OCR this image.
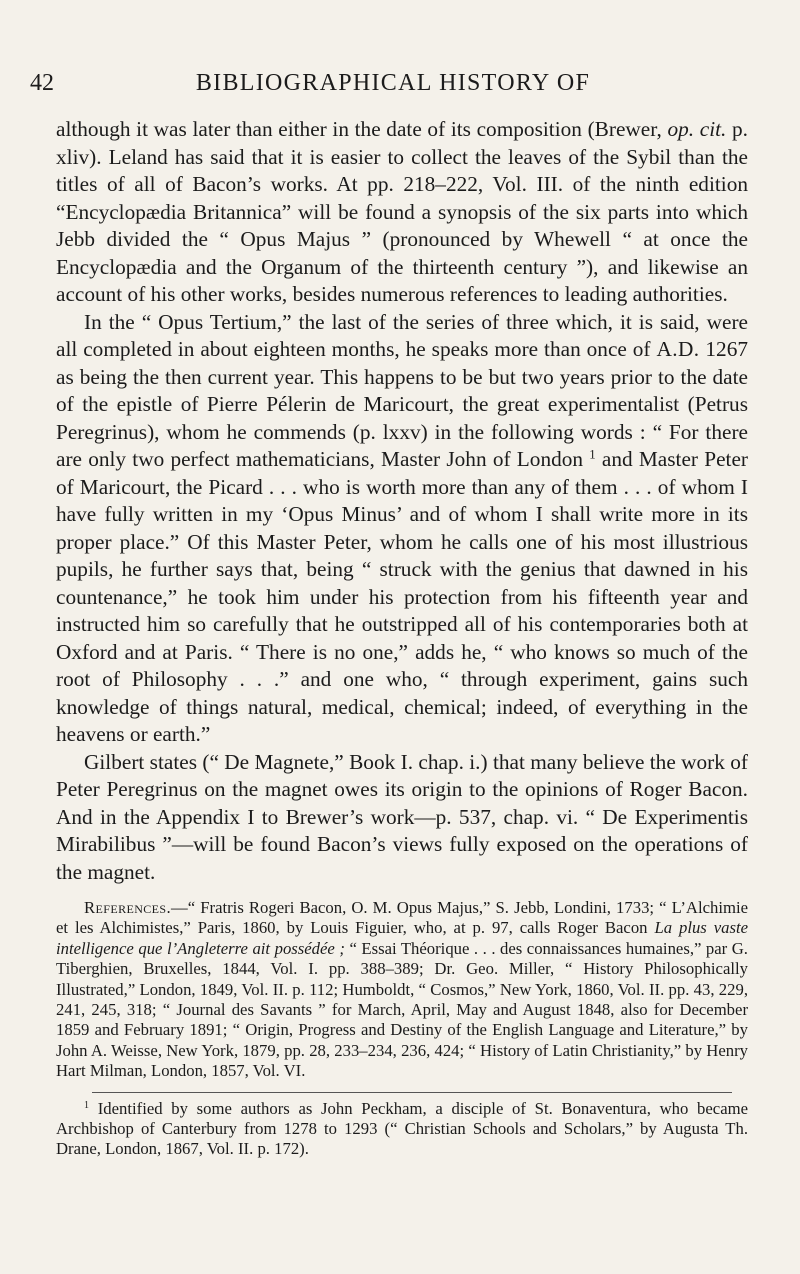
42	BIBLIOGRAPHICAL HISTORY OF

although it was later than either in the date of its composition (Brewer, op. cit. p. xliv). Leland has said that it is easier to collect the leaves of the Sybil than the titles of all of Bacon’s works. At pp. 218–222, Vol. III. of the ninth edition “Encyclopædia Britannica” will be found a synopsis of the six parts into which Jebb divided the “ Opus Majus ” (pronounced by Whewell “ at once the Encyclopædia and the Organum of the thirteenth century ”), and likewise an account of his other works, besides numerous references to leading authorities.

In the “ Opus Tertium,” the last of the series of three which, it is said, were all completed in about eighteen months, he speaks more than once of A.D. 1267 as being the then current year. This happens to be but two years prior to the date of the epistle of Pierre Pélerin de Maricourt, the great experimentalist (Petrus Peregrinus), whom he commends (p. lxxv) in the following words : “ For there are only two perfect mathematicians, Master John of London $^1$ and Master Peter of Maricourt, the Picard . . . who is worth more than any of them . . . of whom I have fully written in my ‘Opus Minus’ and of whom I shall write more in its proper place.” Of this Master Peter, whom he calls one of his most illustrious pupils, he further says that, being “ struck with the genius that dawned in his countenance,” he took him under his protection from his fifteenth year and instructed him so carefully that he outstripped all of his contemporaries both at Oxford and at Paris. “ There is no one,” adds he, “ who knows so much of the root of Philosophy . . .” and one who, “ through experiment, gains such knowledge of things natural, medical, chemical; indeed, of everything in the heavens or earth.”

Gilbert states (“ De Magnete,” Book I. chap. i.) that many believe the work of Peter Peregrinus on the magnet owes its origin to the opinions of Roger Bacon. And in the Appendix I to Brewer’s work—p. 537, chap. vi. “ De Experimentis Mirabilibus ”—will be found Bacon’s views fully exposed on the operations of the magnet.

References.—“ Fratris Rogeri Bacon, O. M. Opus Majus,” S. Jebb, Londini, 1733; “ L’Alchimie et les Alchimistes,” Paris, 1860, by Louis Figuier, who, at p. 97, calls Roger Bacon La plus vaste intelligence que l’Angleterre ait possédée ; “ Essai Théorique . . . des connaissances humaines,” par G. Tiberghien, Bruxelles, 1844, Vol. I. pp. 388–389; Dr. Geo. Miller, “ History Philosophically Illustrated,” London, 1849, Vol. II. p. 112; Humboldt, “ Cosmos,” New York, 1860, Vol. II. pp. 43, 229, 241, 245, 318; “ Journal des Savants ” for March, April, May and August 1848, also for December 1859 and February 1891; “ Origin, Progress and Destiny of the English Language and Literature,” by John A. Weisse, New York, 1879, pp. 28, 233–234, 236, 424; “ History of Latin Christianity,” by Henry Hart Milman, London, 1857, Vol. VI.

$^1$ Identified by some authors as John Peckham, a disciple of St. Bonaventura, who became Archbishop of Canterbury from 1278 to 1293 (“ Christian Schools and Scholars,” by Augusta Th. Drane, London, 1867, Vol. II. p. 172).
